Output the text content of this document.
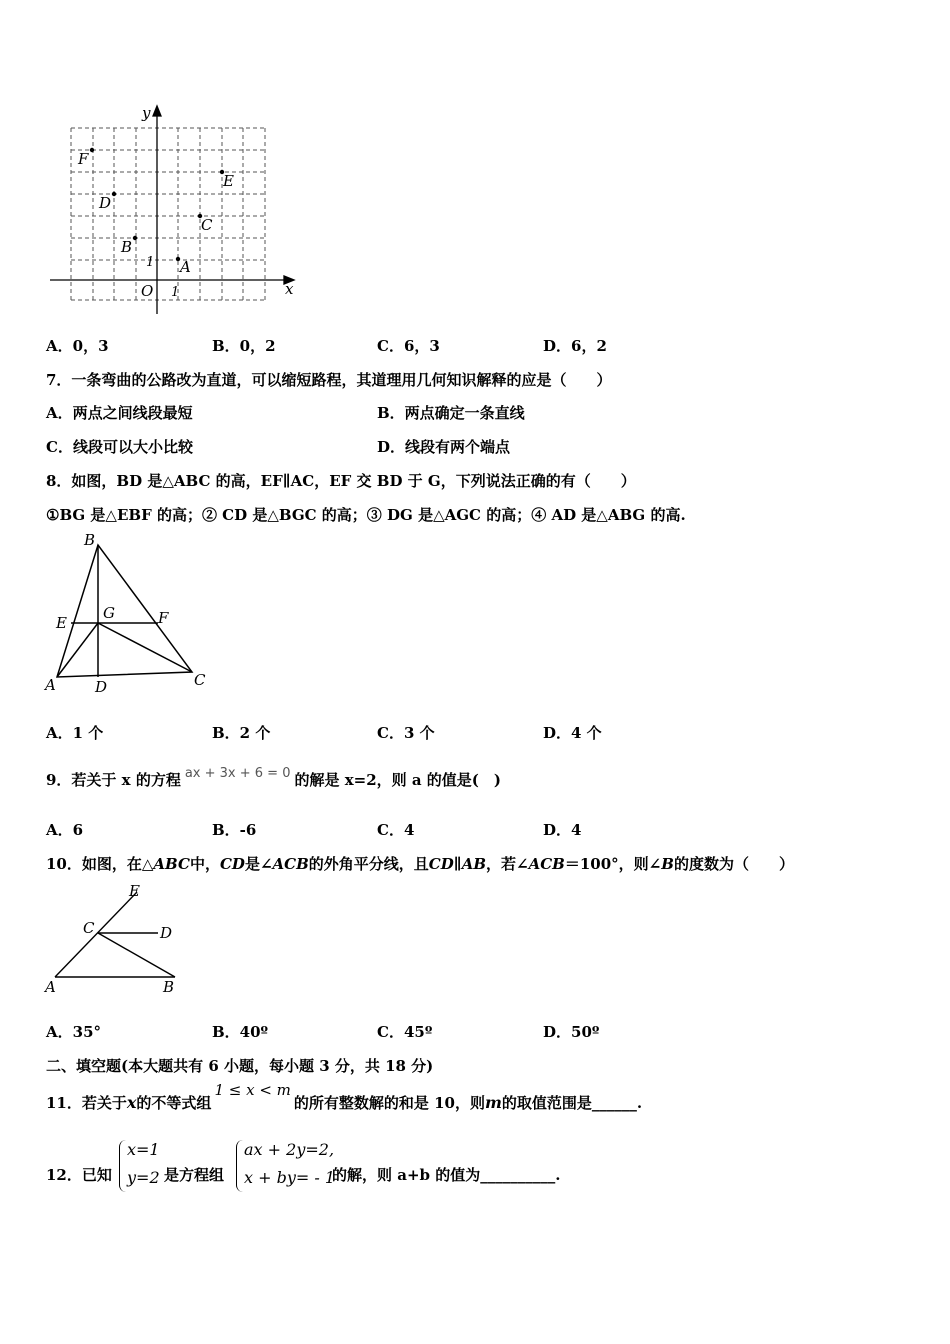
y
x
O 1
1
F
E
D
C
B
A
A．0，3	B．0，2	C．6，3	D．6，2
7．一条弯曲的公路改为直道，可以缩短路程，其道理用几何知识解释的应是（　　）
A．两点之间线段最短	B．两点确定一条直线
C．线段可以大小比较	D．线段有两个端点
8．如图，BD 是△ABC 的高，EF∥AC，EF 交 BD 于 G，下列说法正确的有（　　）
①BG 是△EBF 的高；② CD 是△BGC 的高；③ DG 是△AGC 的高；④ AD 是△ABG 的高.
B
E
G	F
A	D	C
A．1 个	B．2 个	C．3 个	D．4 个
9．若关于 x 的方程 ax + 3x + 6 = 0 的解是 x=2，则 a 的值是(　)
A．6	B．-6	C．4	D．4
10．如图，在△ABC中，CD是∠ACB的外角平分线，且CD∥AB，若∠ACB＝100°，则∠B的度数为（　　）
E
C	D
A	B
A．35°	B．40º	C．45º	D．50º
二、填空题(本大题共有 6 小题，每小题 3 分，共 18 分)
11．若关于x的不等式组1 ≤ x < m的所有整数解的和是 10，则m的取值范围是______.
12．已知
x=1
y=2 是方程组
ax + 2y=2,
x + by= - 1
的解，则 a+b 的值为__________.
